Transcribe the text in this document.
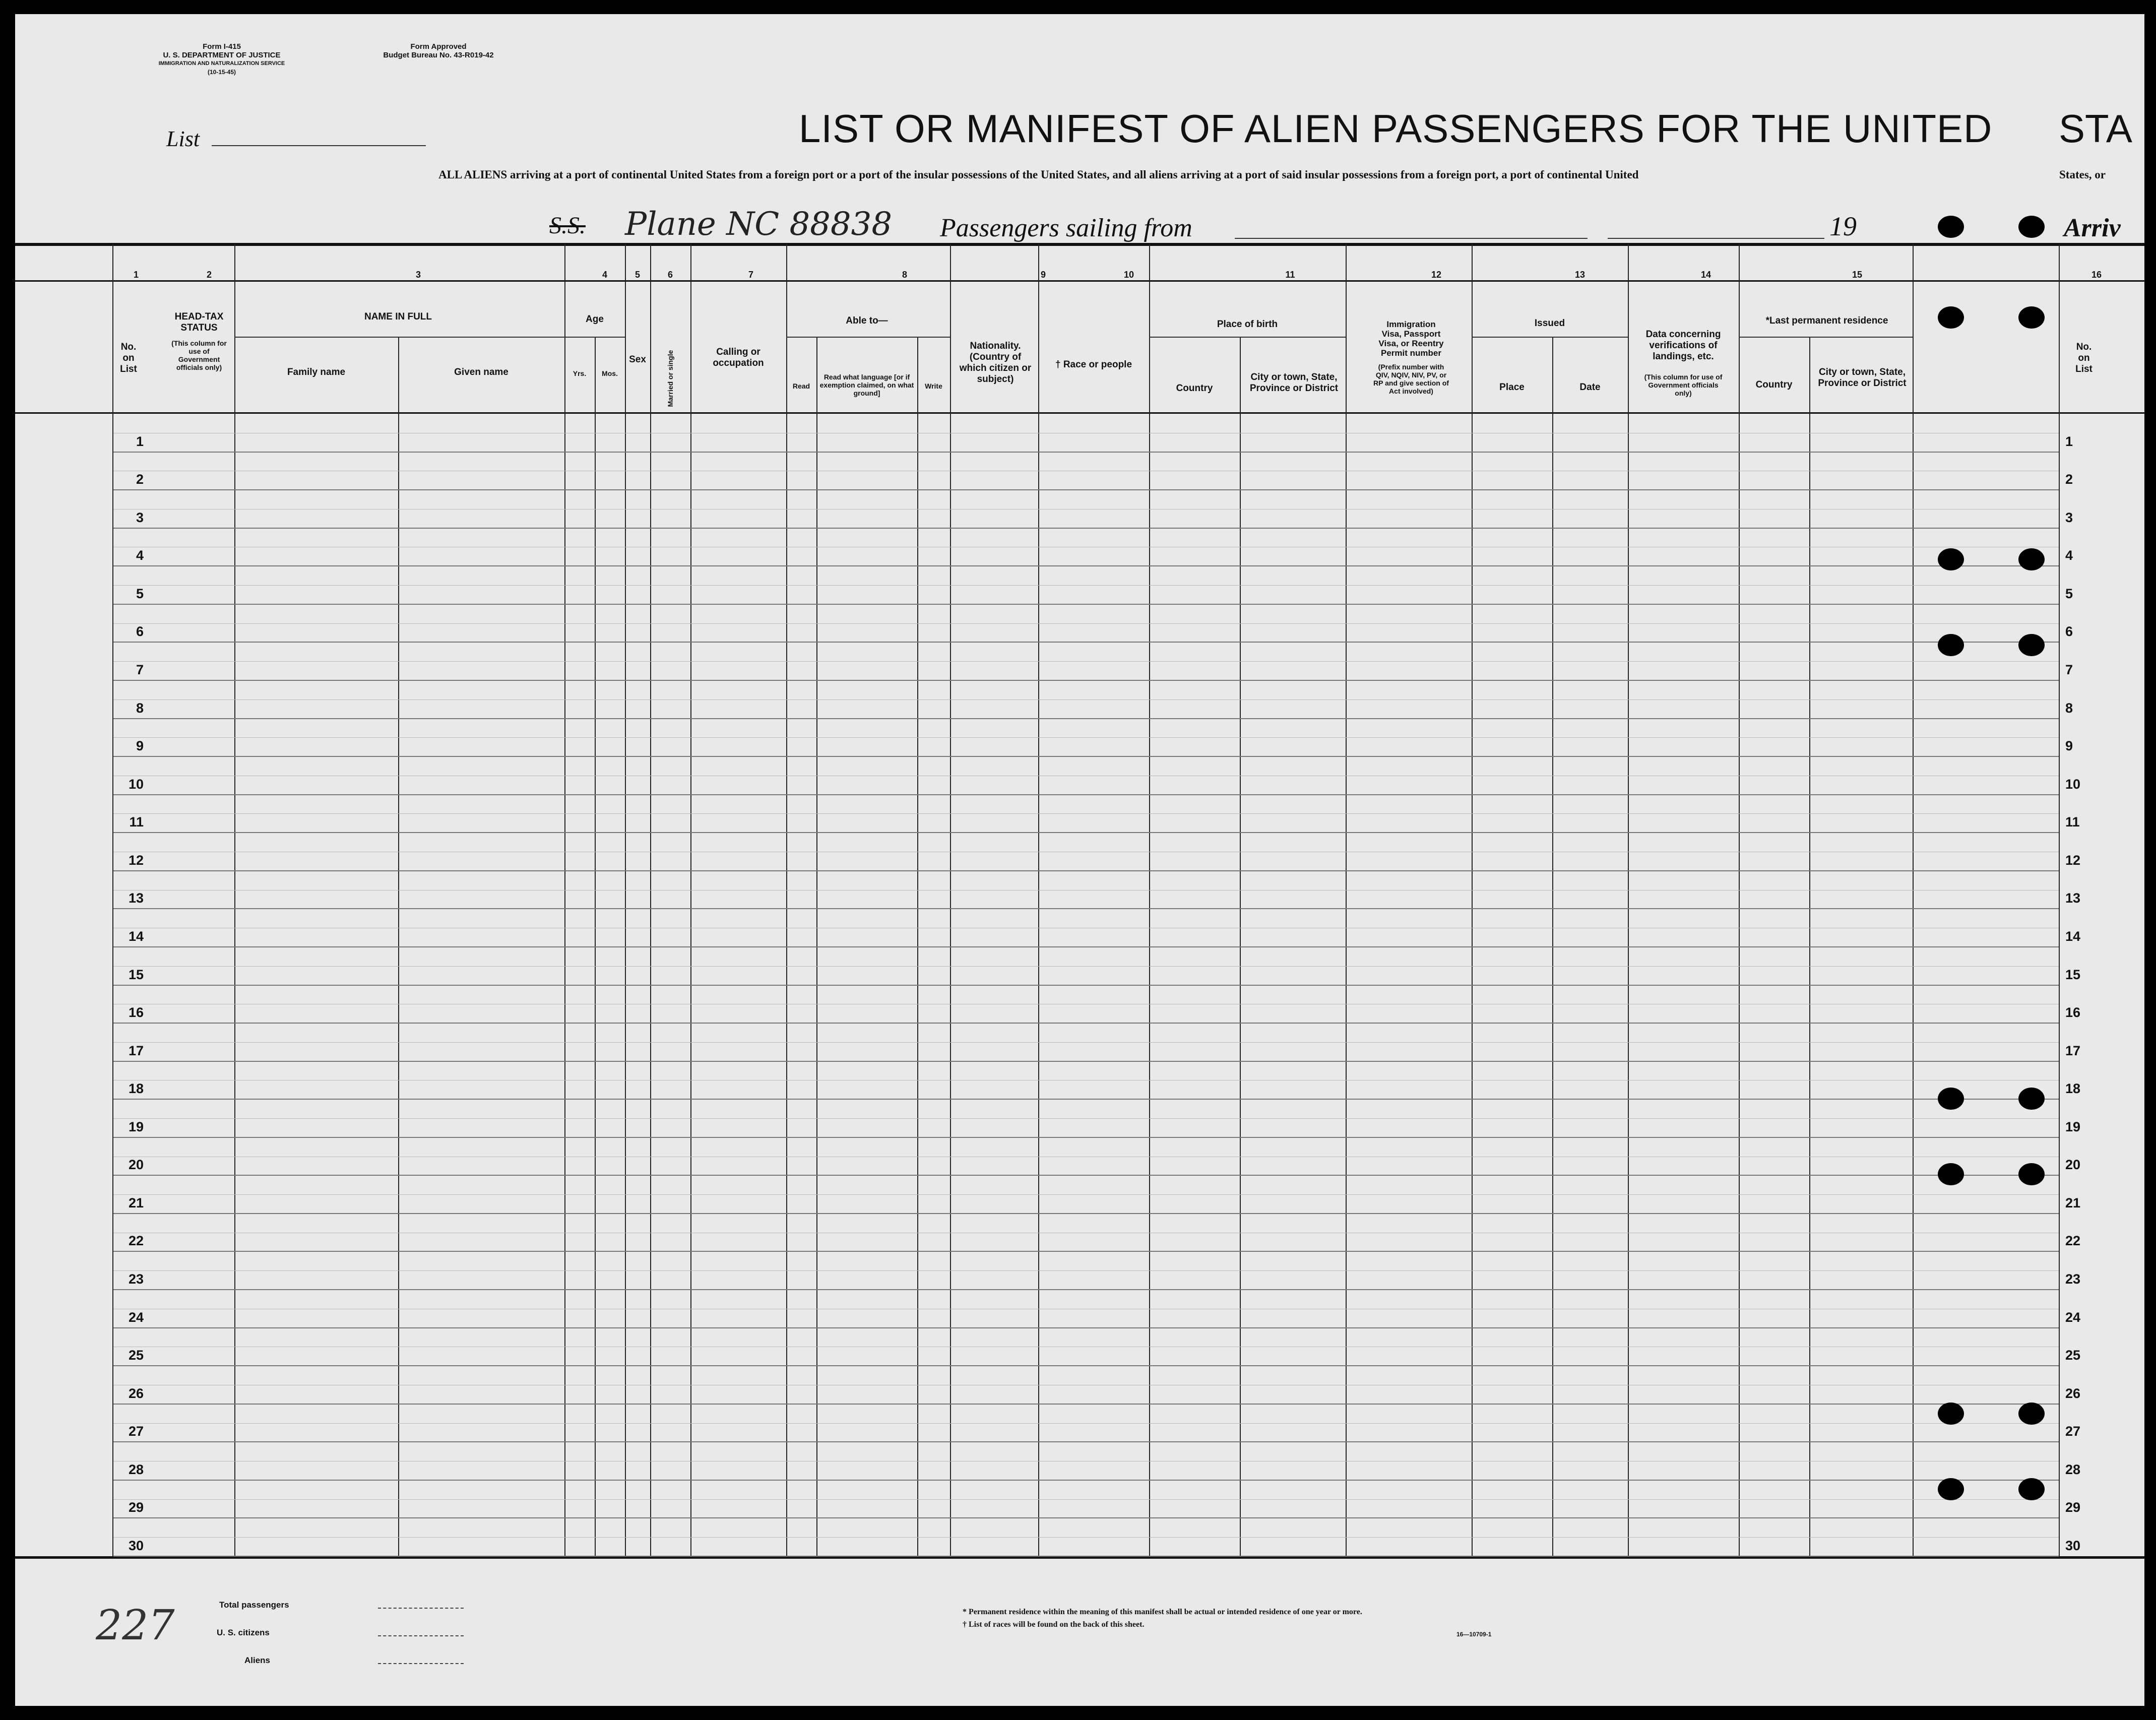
Form I-415
U. S. DEPARTMENT OF JUSTICE
IMMIGRATION AND NATURALIZATION SERVICE
(10-15-45)
Form Approved
Budget Bureau No. 43-R019-42
List	LIST OR MANIFEST OF ALIEN PASSENGERS FOR THE UNITED STA
ALL ALIENS arriving at a port of continental United States from a foreign port or a port of the insular possessions of the United States, and all aliens arriving at a port of said insular possessions from a foreign port, a port of continental United	States, or
S.S. Plane NC 88838 Passengers sailing from	19	Arriv
1	2	3	4	5	6	7	8	9	10	11	12	13	14	15	16
No. on List
HEAD-TAX STATUS
(This column for use of Government officials only)
NAME IN FULL
Family name	Given name
Age
Yrs.	Mos.
Sex	Married or single	Calling or occupation
Able to—
Read
Read what language [or if exemption claimed, on what ground]
Write
Nationality. (Country of which citizen or subject)
† Race or people
Place of birth
Country
City or town, State, Province or District
Immigration Visa, Passport Visa, or Reentry Permit number
(Prefix number with QIV, NQIV, NIV, PV, or RP and give section of Act involved)
Issued
Place	Date
Data concerning verifications of landings, etc.
(This column for use of Government officials only)
*Last permanent residence
Country
City or town, State, Province or District
No. on List
1	1
2	2
3	3
4	4
5	5
6	6
7	7
8	8
9	9
10	10
11	11
12	12
13	13
14	14
15	15
16	16
17	17
18	18
19	19
20	20
21	21
22	22
23	23
24	24
25	25
26	26
27	27
28	28
29	29
30	30
227	Total passengers
U. S. citizens
Aliens
* Permanent residence within the meaning of this manifest shall be actual or intended residence of one year or more.
† List of races will be found on the back of this sheet.
16—10709-1
